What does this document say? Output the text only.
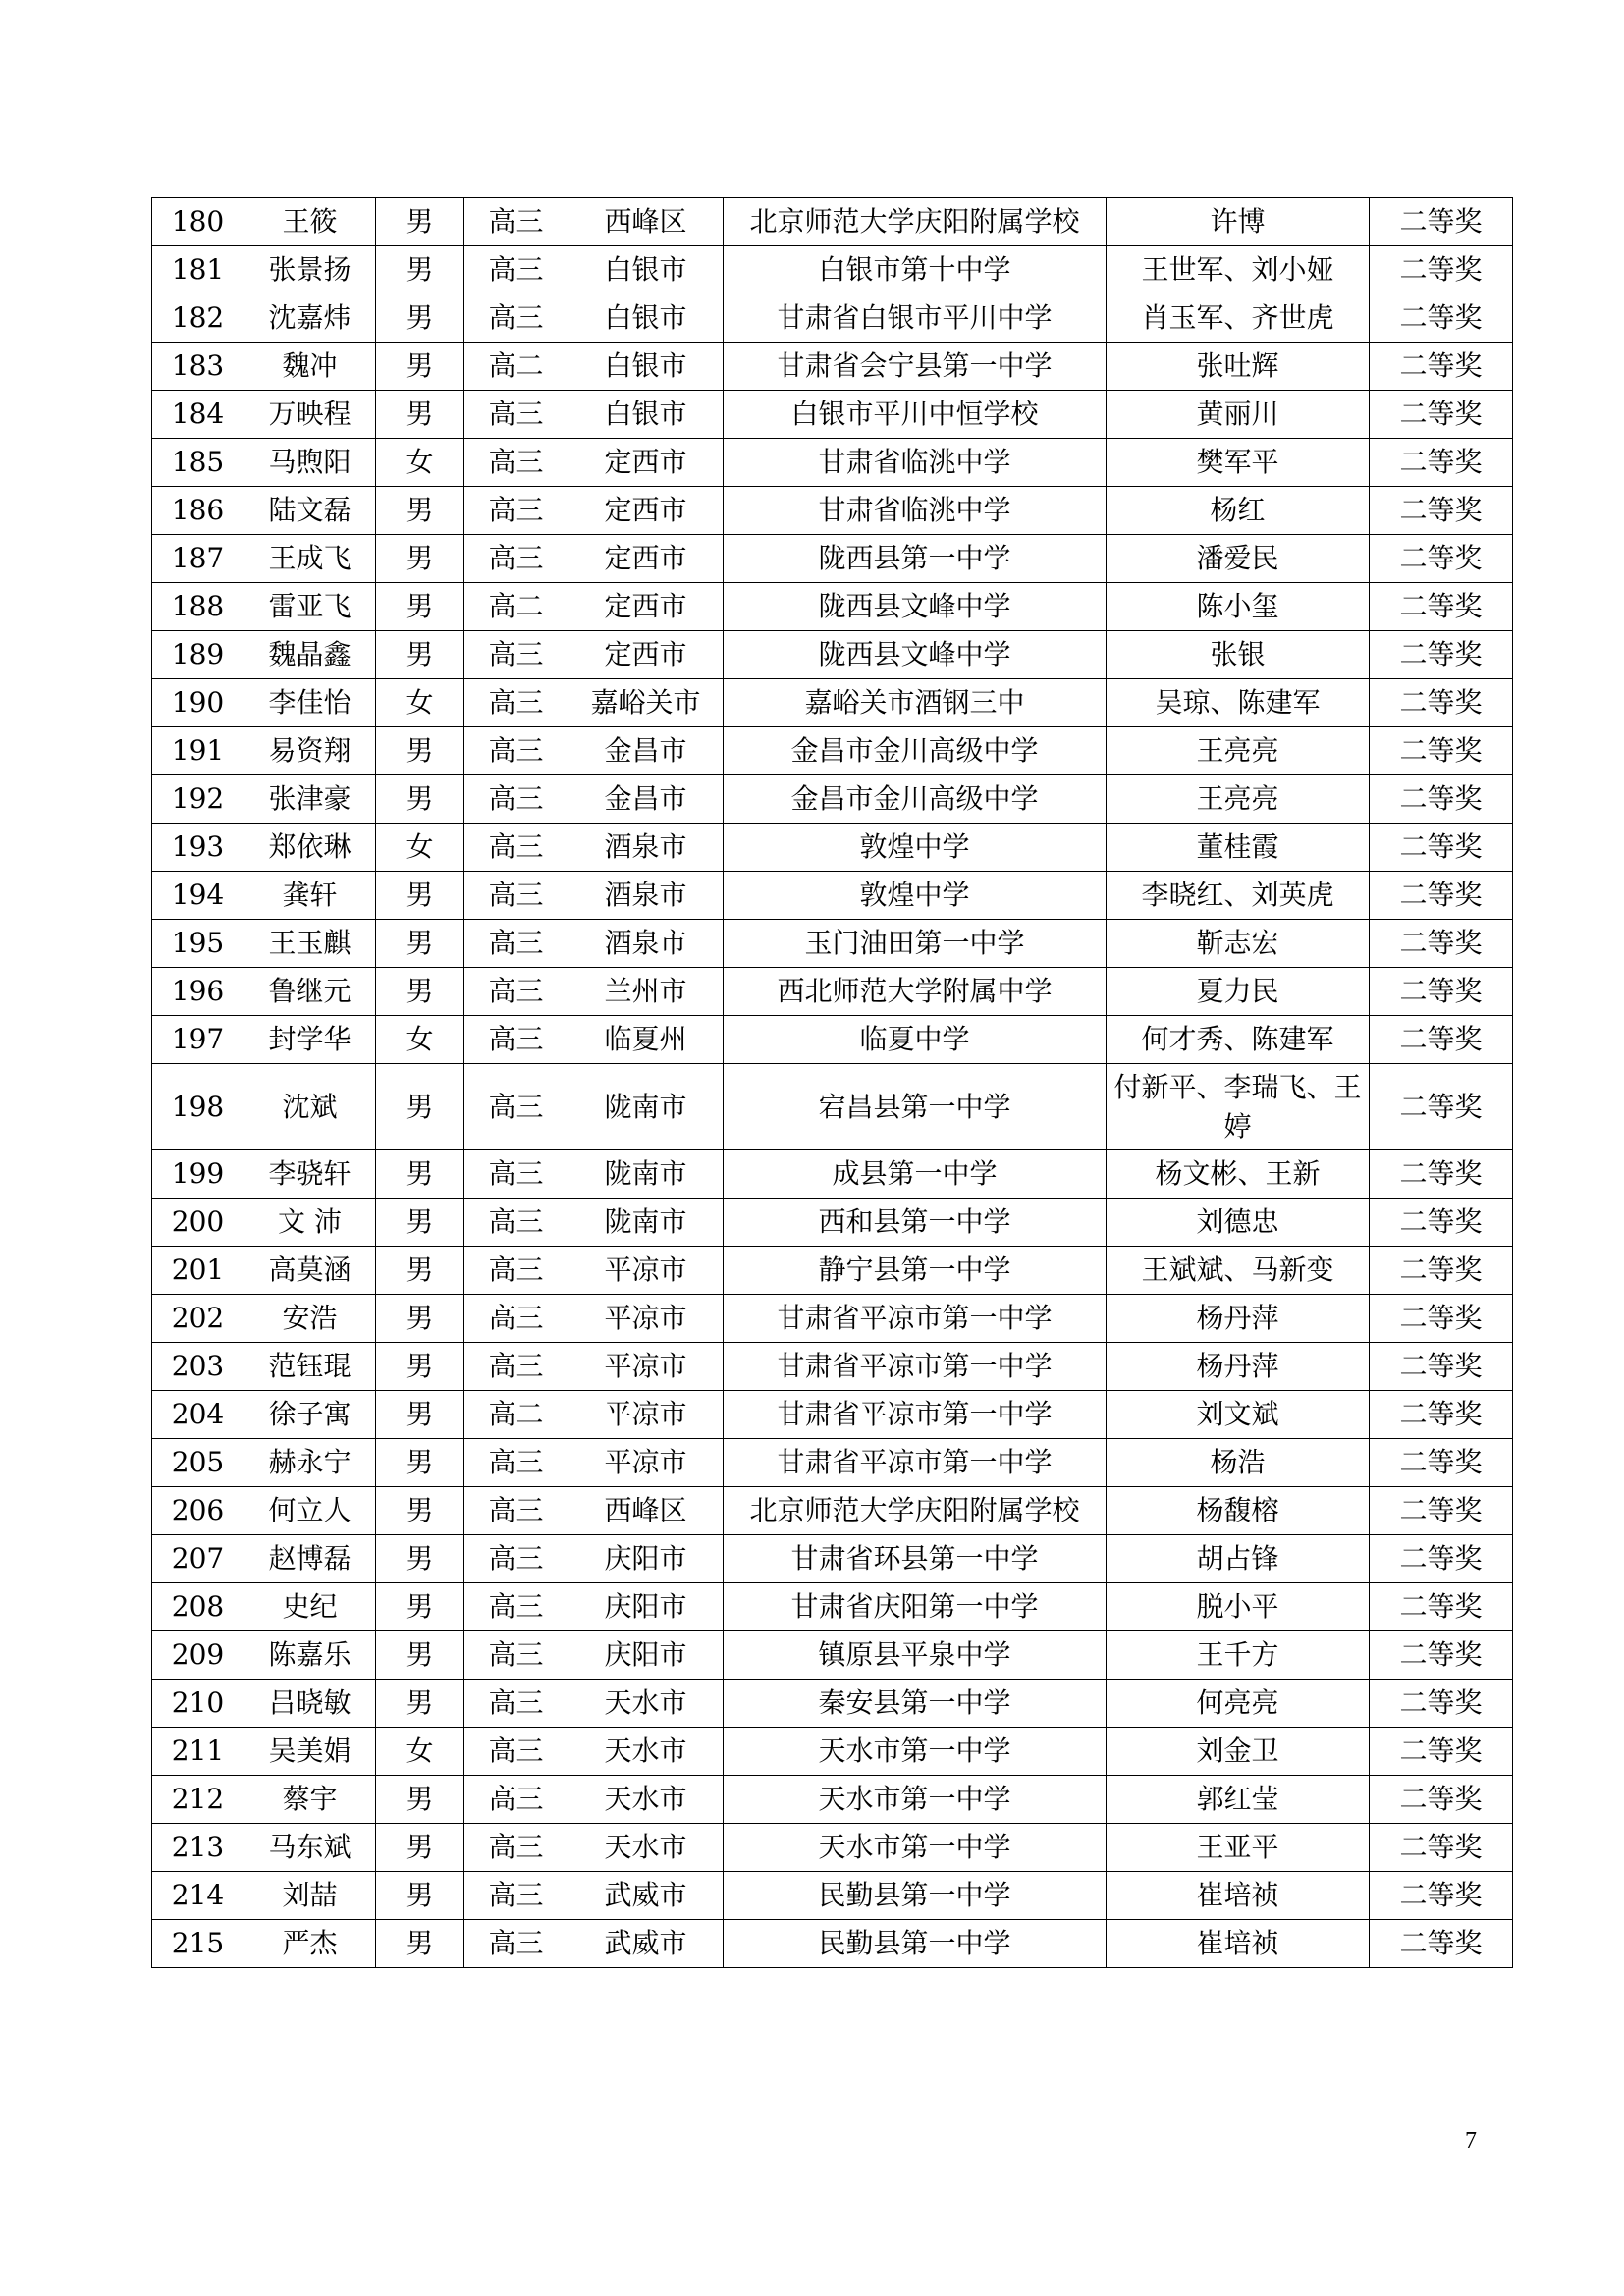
180	王筱	男	高三	西峰区	北京师范大学庆阳附属学校	许博	二等奖
181	张景扬	男	高三	白银市	白银市第十中学	王世军、刘小娅	二等奖
182	沈嘉炜	男	高三	白银市	甘肃省白银市平川中学	肖玉军、齐世虎	二等奖
183	魏冲	男	高二	白银市	甘肃省会宁县第一中学	张吐辉	二等奖
184	万映程	男	高三	白银市	白银市平川中恒学校	黄丽川	二等奖
185	马煦阳	女	高三	定西市	甘肃省临洮中学	樊军平	二等奖
186	陆文磊	男	高三	定西市	甘肃省临洮中学	杨红	二等奖
187	王成飞	男	高三	定西市	陇西县第一中学	潘爱民	二等奖
188	雷亚飞	男	高二	定西市	陇西县文峰中学	陈小玺	二等奖
189	魏晶鑫	男	高三	定西市	陇西县文峰中学	张银	二等奖
190	李佳怡	女	高三	嘉峪关市	嘉峪关市酒钢三中	吴琼、陈建军	二等奖
191	易资翔	男	高三	金昌市	金昌市金川高级中学	王亮亮	二等奖
192	张津豪	男	高三	金昌市	金昌市金川高级中学	王亮亮	二等奖
193	郑依琳	女	高三	酒泉市	敦煌中学	董桂霞	二等奖
194	龚轩	男	高三	酒泉市	敦煌中学	李晓红、刘英虎	二等奖
195	王玉麒	男	高三	酒泉市	玉门油田第一中学	靳志宏	二等奖
196	鲁继元	男	高三	兰州市	西北师范大学附属中学	夏力民	二等奖
197	封学华	女	高三	临夏州	临夏中学	何才秀、陈建军	二等奖
198	沈斌	男	高三	陇南市	宕昌县第一中学	付新平、李瑞飞、王婷	二等奖
199	李骁轩	男	高三	陇南市	成县第一中学	杨文彬、王新	二等奖
200	文 沛	男	高三	陇南市	西和县第一中学	刘德忠	二等奖
201	高莫涵	男	高三	平凉市	静宁县第一中学	王斌斌、马新变	二等奖
202	安浩	男	高三	平凉市	甘肃省平凉市第一中学	杨丹萍	二等奖
203	范钰琨	男	高三	平凉市	甘肃省平凉市第一中学	杨丹萍	二等奖
204	徐子寓	男	高二	平凉市	甘肃省平凉市第一中学	刘文斌	二等奖
205	赫永宁	男	高三	平凉市	甘肃省平凉市第一中学	杨浩	二等奖
206	何立人	男	高三	西峰区	北京师范大学庆阳附属学校	杨馥榕	二等奖
207	赵博磊	男	高三	庆阳市	甘肃省环县第一中学	胡占锋	二等奖
208	史纪	男	高三	庆阳市	甘肃省庆阳第一中学	脱小平	二等奖
209	陈嘉乐	男	高三	庆阳市	镇原县平泉中学	王千方	二等奖
210	吕晓敏	男	高三	天水市	秦安县第一中学	何亮亮	二等奖
211	吴美娟	女	高三	天水市	天水市第一中学	刘金卫	二等奖
212	蔡宇	男	高三	天水市	天水市第一中学	郭红莹	二等奖
213	马东斌	男	高三	天水市	天水市第一中学	王亚平	二等奖
214	刘喆	男	高三	武威市	民勤县第一中学	崔培祯	二等奖
215	严杰	男	高三	武威市	民勤县第一中学	崔培祯	二等奖
7
